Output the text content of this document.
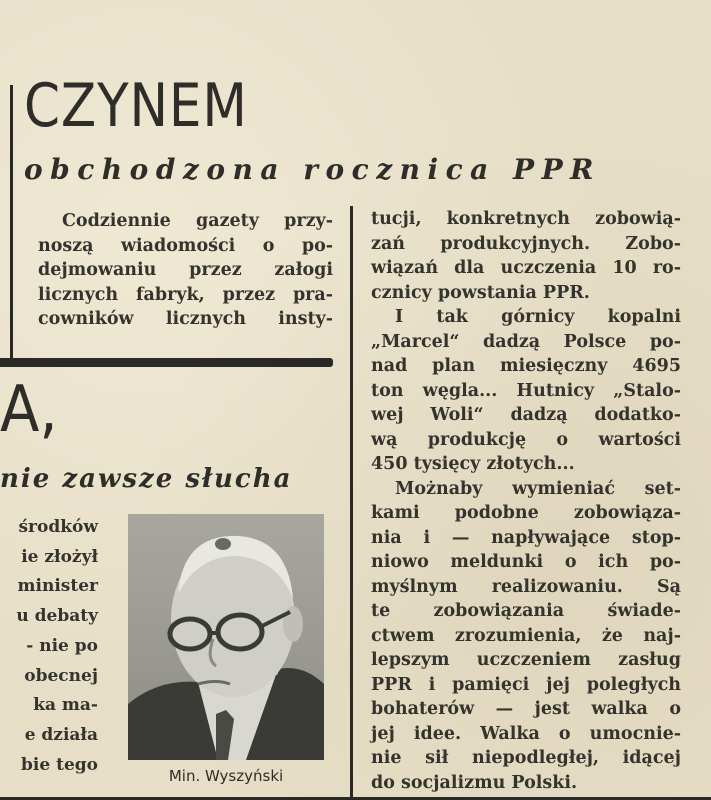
CZYNEM
obchodzona rocznica PPR
Codziennie gazety przy-
noszą wiadomości o po-
dejmowaniu przez załogi
licznych fabryk, przez pra-
cowników licznych insty-
tucji, konkretnych zobowią-
zań produkcyjnych. Zobo-
wiązań dla uczczenia 10 ro-
cznicy powstania PPR.
I tak górnicy kopalni
„Marcel“ dadzą Polsce po-
nad plan miesięczny 4695
ton węgla... Hutnicy „Stalo-
wej Woli“ dadzą dodatko-
wą produkcję o wartości
450 tysięcy złotych...
Możnaby wymieniać set-
kami podobne zobowiąza-
nia i — napływające stop-
niowo meldunki o ich po-
myślnym realizowaniu. Są
te zobowiązania świade-
ctwem zrozumienia, że naj-
lepszym uczczeniem zasług
PPR i pamięci jej poległych
bohaterów — jest walka o
jej idee. Walka o umocnie-
nie sił niepodległej, idącej
do socjalizmu Polski.
A,
nie zawsze słucha
środków
ie złożył
minister
u debaty
- nie po
obecnej
ka ma-
e działa
bie tego
Min. Wyszyński
